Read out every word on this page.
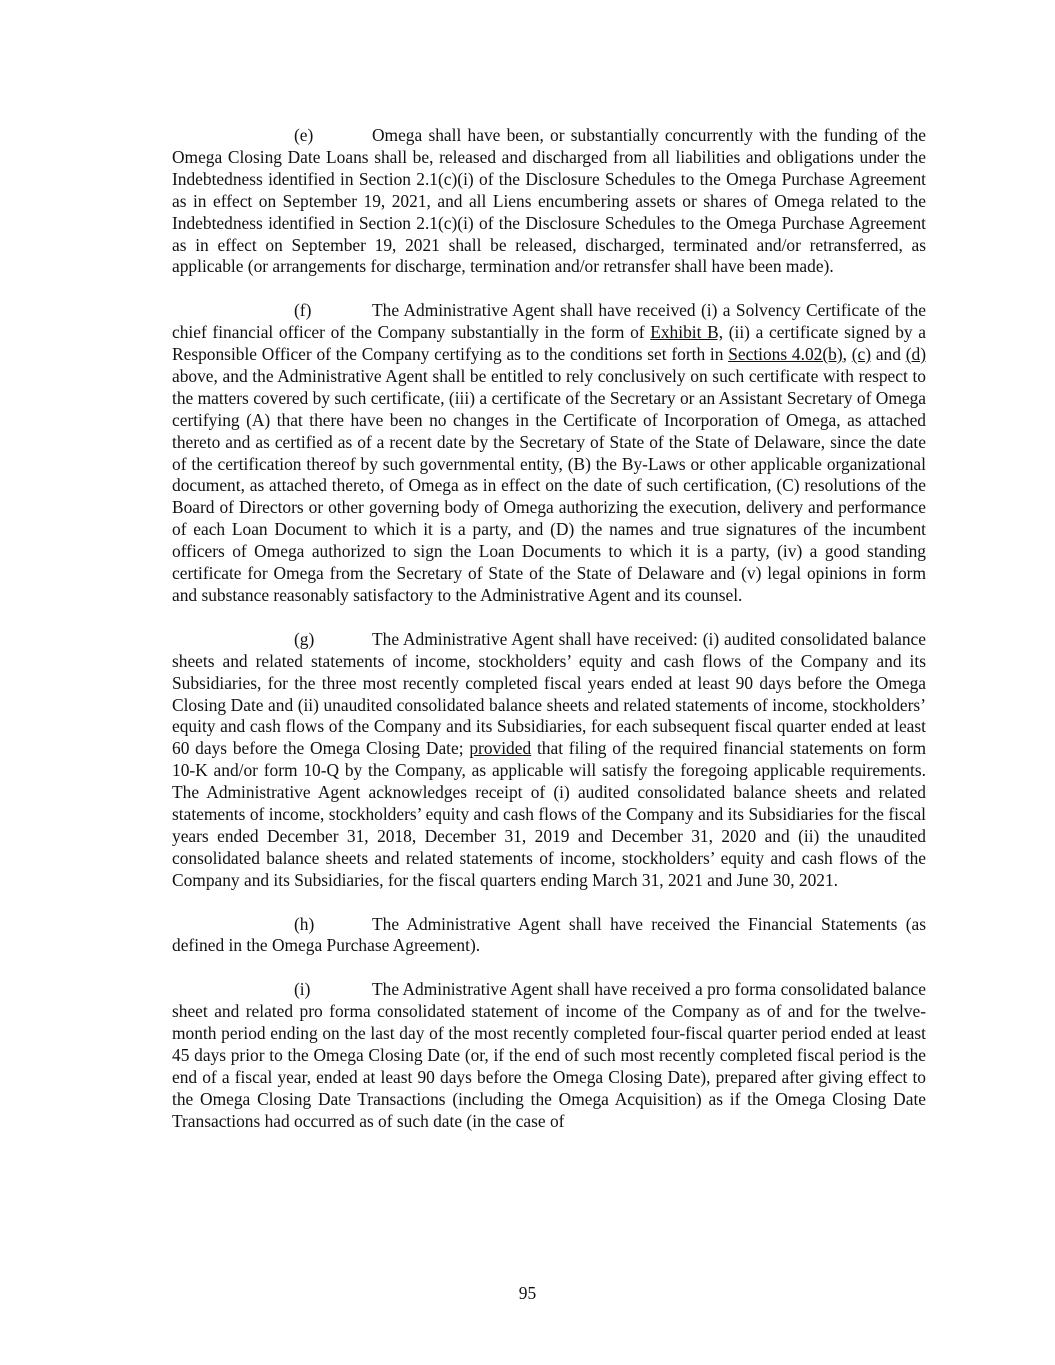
(e)	Omega shall have been, or substantially concurrently with the funding of the Omega Closing Date Loans shall be, released and discharged from all liabilities and obligations under the Indebtedness identified in Section 2.1(c)(i) of the Disclosure Schedules to the Omega Purchase Agreement as in effect on September 19, 2021, and all Liens encumbering assets or shares of Omega related to the Indebtedness identified in Section 2.1(c)(i) of the Disclosure Schedules to the Omega Purchase Agreement as in effect on September 19, 2021 shall be released, discharged, terminated and/or retransferred, as applicable (or arrangements for discharge, termination and/or retransfer shall have been made).

(f)	The Administrative Agent shall have received (i) a Solvency Certificate of the chief financial officer of the Company substantially in the form of Exhibit B, (ii) a certificate signed by a Responsible Officer of the Company certifying as to the conditions set forth in Sections 4.02(b), (c) and (d) above, and the Administrative Agent shall be entitled to rely conclusively on such certificate with respect to the matters covered by such certificate, (iii) a certificate of the Secretary or an Assistant Secretary of Omega certifying (A) that there have been no changes in the Certificate of Incorporation of Omega, as attached thereto and as certified as of a recent date by the Secretary of State of the State of Delaware, since the date of the certification thereof by such governmental entity, (B) the By-Laws or other applicable organizational document, as attached thereto, of Omega as in effect on the date of such certification, (C) resolutions of the Board of Directors or other governing body of Omega authorizing the execution, delivery and performance of each Loan Document to which it is a party, and (D) the names and true signatures of the incumbent officers of Omega authorized to sign the Loan Documents to which it is a party, (iv) a good standing certificate for Omega from the Secretary of State of the State of Delaware and (v) legal opinions in form and substance reasonably satisfactory to the Administrative Agent and its counsel.

(g)	The Administrative Agent shall have received: (i) audited consolidated balance sheets and related statements of income, stockholders’ equity and cash flows of the Company and its Subsidiaries, for the three most recently completed fiscal years ended at least 90 days before the Omega Closing Date and (ii) unaudited consolidated balance sheets and related statements of income, stockholders’ equity and cash flows of the Company and its Subsidiaries, for each subsequent fiscal quarter ended at least 60 days before the Omega Closing Date; provided that filing of the required financial statements on form 10-K and/or form 10-Q by the Company, as applicable will satisfy the foregoing applicable requirements. The Administrative Agent acknowledges receipt of (i) audited consolidated balance sheets and related statements of income, stockholders’ equity and cash flows of the Company and its Subsidiaries for the fiscal years ended December 31, 2018, December 31, 2019 and December 31, 2020 and (ii) the unaudited consolidated balance sheets and related statements of income, stockholders’ equity and cash flows of the Company and its Subsidiaries, for the fiscal quarters ending March 31, 2021 and June 30, 2021.

(h)	The Administrative Agent shall have received the Financial Statements (as defined in the Omega Purchase Agreement).

(i)	The Administrative Agent shall have received a pro forma consolidated balance sheet and related pro forma consolidated statement of income of the Company as of and for the twelve-month period ending on the last day of the most recently completed four-fiscal quarter period ended at least 45 days prior to the Omega Closing Date (or, if the end of such most recently completed fiscal period is the end of a fiscal year, ended at least 90 days before the Omega Closing Date), prepared after giving effect to the Omega Closing Date Transactions (including the Omega Acquisition) as if the Omega Closing Date Transactions had occurred as of such date (in the case of

95
